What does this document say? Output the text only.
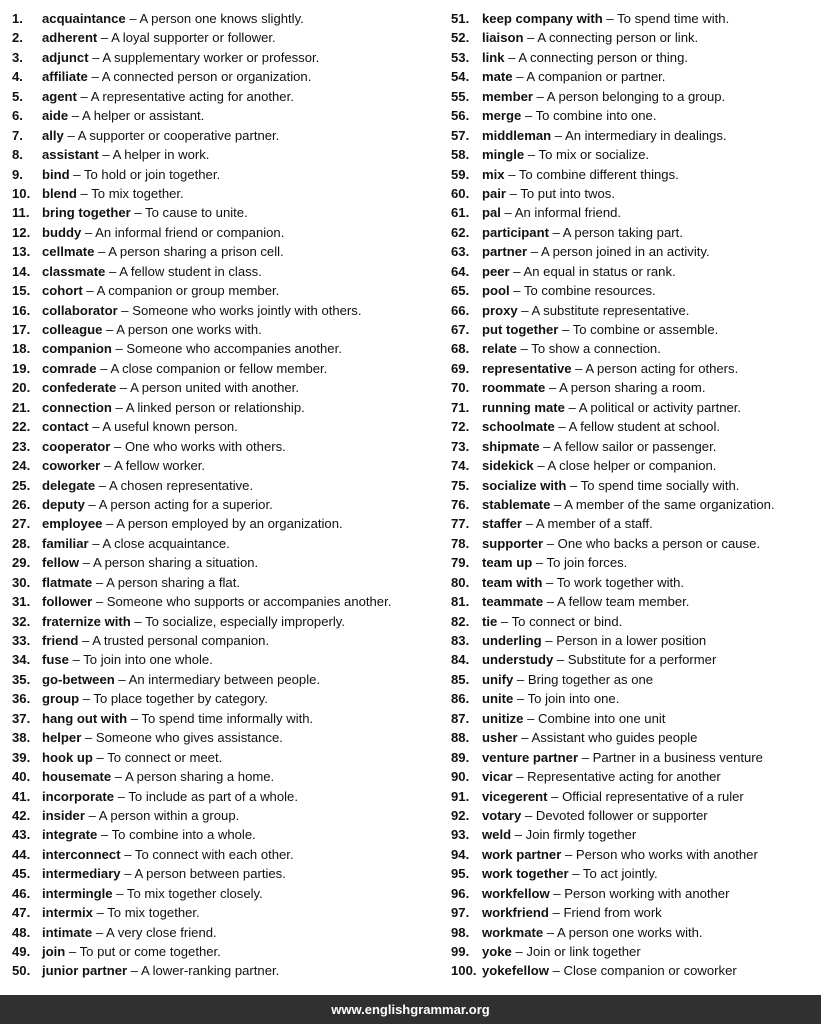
1.	acquaintance – A person one knows slightly.
2.	adherent – A loyal supporter or follower.
3.	adjunct – A supplementary worker or professor.
4.	affiliate – A connected person or organization.
5.	agent – A representative acting for another.
6.	aide – A helper or assistant.
7.	ally – A supporter or cooperative partner.
8.	assistant – A helper in work.
9.	bind – To hold or join together.
10. blend – To mix together.
11. bring together – To cause to unite.
12. buddy – An informal friend or companion.
13. cellmate – A person sharing a prison cell.
14. classmate – A fellow student in class.
15. cohort – A companion or group member.
16. collaborator – Someone who works jointly with others.
17. colleague – A person one works with.
18. companion – Someone who accompanies another.
19. comrade – A close companion or fellow member.
20. confederate – A person united with another.
21. connection – A linked person or relationship.
22. contact – A useful known person.
23. cooperator – One who works with others.
24. coworker – A fellow worker.
25. delegate – A chosen representative.
26. deputy – A person acting for a superior.
27. employee – A person employed by an organization.
28. familiar – A close acquaintance.
29. fellow – A person sharing a situation.
30. flatmate – A person sharing a flat.
31. follower – Someone who supports or accompanies another.
32. fraternize with – To socialize, especially improperly.
33. friend – A trusted personal companion.
34. fuse – To join into one whole.
35. go-between – An intermediary between people.
36. group – To place together by category.
37. hang out with – To spend time informally with.
38. helper – Someone who gives assistance.
39. hook up – To connect or meet.
40. housemate – A person sharing a home.
41. incorporate – To include as part of a whole.
42. insider – A person within a group.
43. integrate – To combine into a whole.
44. interconnect – To connect with each other.
45. intermediary – A person between parties.
46. intermingle – To mix together closely.
47. intermix – To mix together.
48. intimate – A very close friend.
49. join – To put or come together.
50. junior partner – A lower-ranking partner.
51. keep company with – To spend time with.
52. liaison – A connecting person or link.
53. link – A connecting person or thing.
54. mate – A companion or partner.
55. member – A person belonging to a group.
56. merge – To combine into one.
57. middleman – An intermediary in dealings.
58. mingle – To mix or socialize.
59. mix – To combine different things.
60. pair – To put into twos.
61. pal – An informal friend.
62. participant – A person taking part.
63. partner – A person joined in an activity.
64. peer – An equal in status or rank.
65. pool – To combine resources.
66. proxy – A substitute representative.
67. put together – To combine or assemble.
68. relate – To show a connection.
69. representative – A person acting for others.
70. roommate – A person sharing a room.
71. running mate – A political or activity partner.
72. schoolmate – A fellow student at school.
73. shipmate – A fellow sailor or passenger.
74. sidekick – A close helper or companion.
75. socialize with – To spend time socially with.
76. stablemate – A member of the same organization.
77. staffer – A member of a staff.
78. supporter – One who backs a person or cause.
79. team up – To join forces.
80. team with – To work together with.
81. teammate – A fellow team member.
82. tie – To connect or bind.
83. underling – Person in a lower position
84. understudy – Substitute for a performer
85. unify – Bring together as one
86. unite – To join into one.
87. unitize – Combine into one unit
88. usher – Assistant who guides people
89. venture partner – Partner in a business venture
90. vicar – Representative acting for another
91. vicegerent – Official representative of a ruler
92. votary – Devoted follower or supporter
93. weld – Join firmly together
94. work partner – Person who works with another
95. work together – To act jointly.
96. workfellow – Person working with another
97. workfriend – Friend from work
98. workmate – A person one works with.
99. yoke – Join or link together
100. yokefellow – Close companion or coworker
www.englishgrammar.org
